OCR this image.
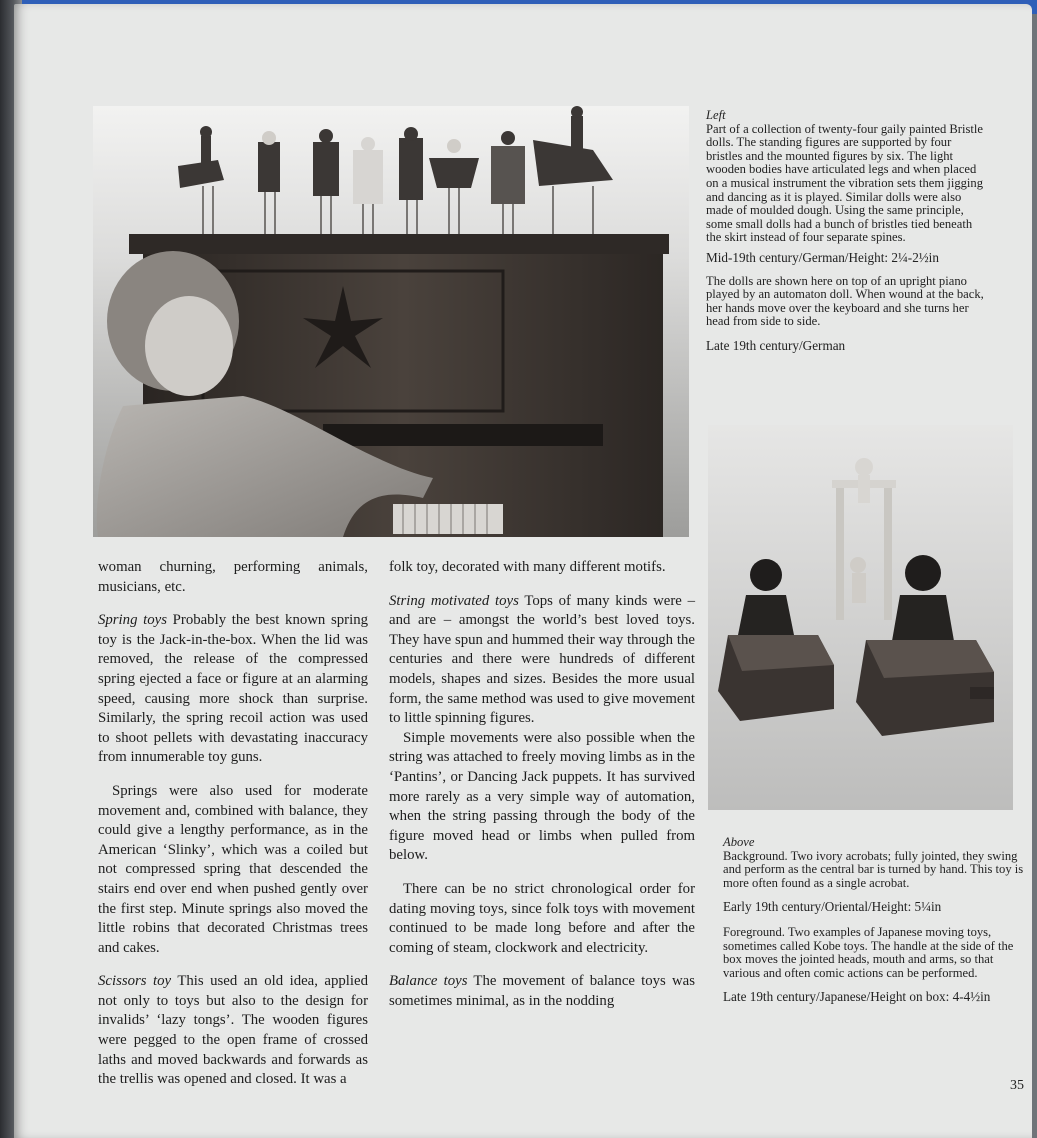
Left

Part of a collection of twenty-four gaily painted Bristle dolls. The standing figures are supported by four bristles and the mounted figures by six. The light wooden bodies have articulated legs and when placed on a musical instrument the vibration sets them jigging and dancing as it is played. Similar dolls were also made of moulded dough. Using the same principle, some small dolls had a bunch of bristles tied beneath the skirt instead of four separate spines.

Mid-19th century/German/Height: 2¼-2½in

The dolls are shown here on top of an upright piano played by an automaton doll. When wound at the back, her hands move over the keyboard and she turns her head from side to side.

Late 19th century/German

Above

Background. Two ivory acrobats; fully jointed, they swing and perform as the central bar is turned by hand. This toy is more often found as a single acrobat.

Early 19th century/Oriental/Height: 5¼in

Foreground. Two examples of Japanese moving toys, sometimes called Kobe toys. The handle at the side of the box moves the jointed heads, mouth and arms, so that various and often comic actions can be performed.

Late 19th century/Japanese/Height on box: 4-4½in

woman churning, performing animals, musicians, etc.

Spring toys Probably the best known spring toy is the Jack-in-the-box. When the lid was removed, the release of the compressed spring ejected a face or figure at an alarming speed, causing more shock than surprise. Similarly, the spring recoil action was used to shoot pellets with devastating inaccuracy from innumerable toy guns.

Springs were also used for moderate movement and, combined with balance, they could give a lengthy performance, as in the American ‘Slinky’, which was a coiled but not compressed spring that descended the stairs end over end when pushed gently over the first step. Minute springs also moved the little robins that decorated Christmas trees and cakes.

Scissors toy This used an old idea, applied not only to toys but also to the design for invalids’ ‘lazy tongs’. The wooden figures were pegged to the open frame of crossed laths and moved backwards and forwards as the trellis was opened and closed. It was a

folk toy, decorated with many different motifs.

String motivated toys Tops of many kinds were – and are – amongst the world’s best loved toys. They have spun and hummed their way through the centuries and there were hundreds of different models, shapes and sizes. Besides the more usual form, the same method was used to give movement to little spinning figures.

Simple movements were also possible when the string was attached to freely moving limbs as in the ‘Pantins’, or Dancing Jack puppets. It has survived more rarely as a very simple way of automation, when the string passing through the body of the figure moved head or limbs when pulled from below.

There can be no strict chronological order for dating moving toys, since folk toys with movement continued to be made long before and after the coming of steam, clockwork and electricity.

Balance toys The movement of balance toys was sometimes minimal, as in the nodding

35
